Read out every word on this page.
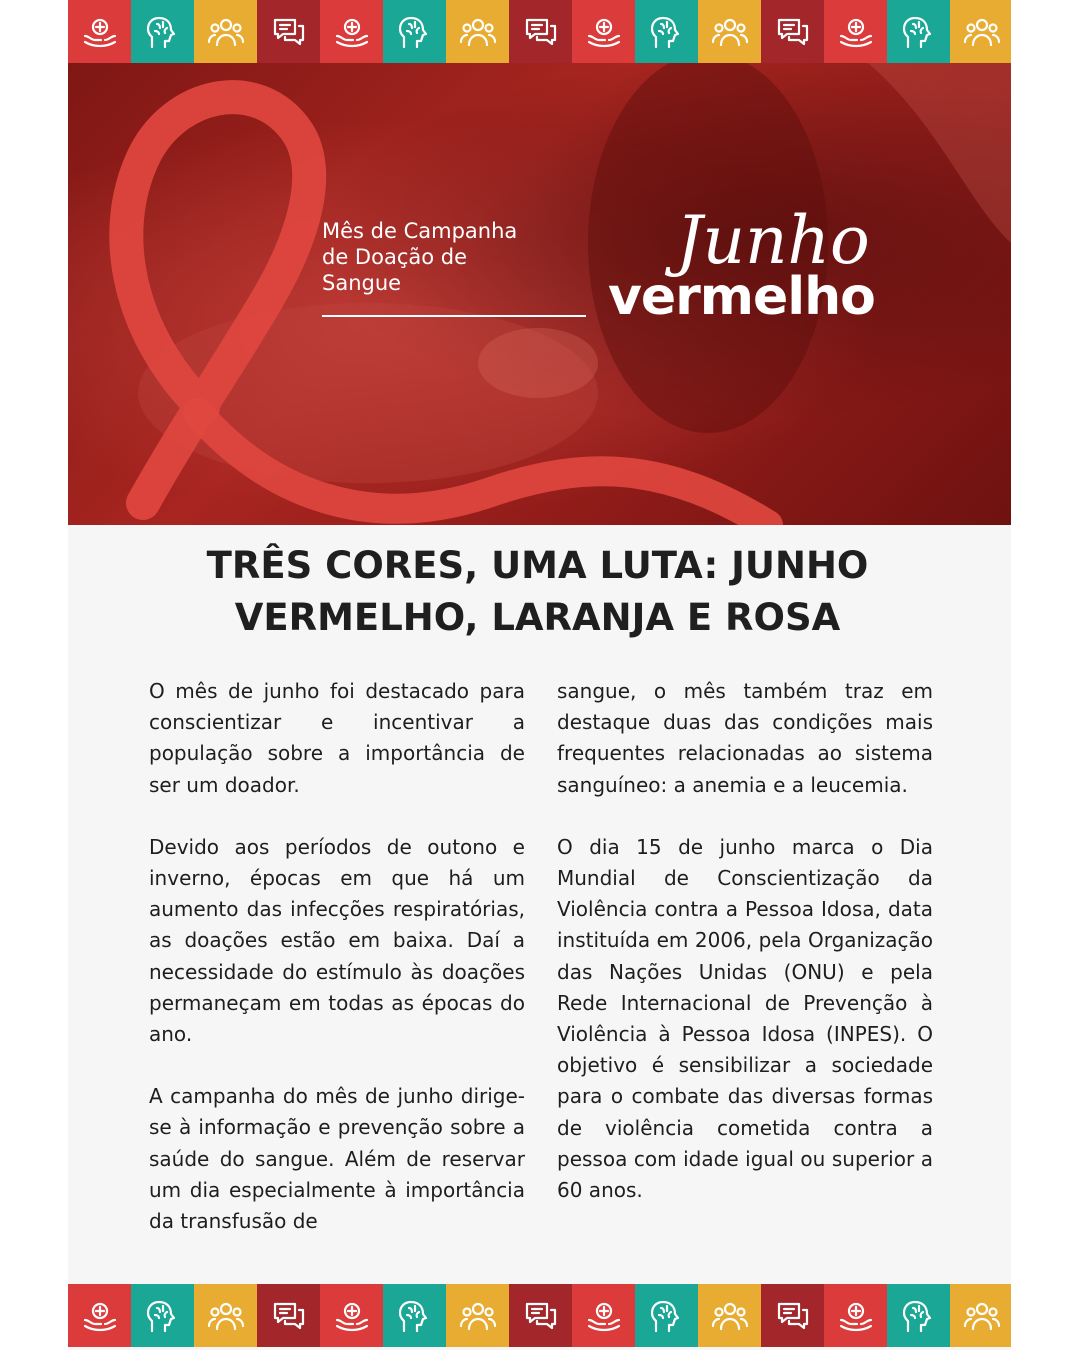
Mês de Campanha
de Doação de
Sangue
Junho
vermelho
TRÊS CORES, UMA LUTA: JUNHO VERMELHO, LARANJA E ROSA

O mês de junho foi destacado para conscientizar e incentivar a população sobre a importância de ser um doador.

Devido aos períodos de outono e inverno, épocas em que há um aumento das infecções respiratórias, as doações estão em baixa. Daí a necessidade do estímulo às doações permaneçam em todas as épocas do ano.

A campanha do mês de junho dirige-se à informação e prevenção sobre a saúde do sangue. Além de reservar um dia especialmente à importância da transfusão de

sangue, o mês também traz em destaque duas das condições mais frequentes relacionadas ao sistema sanguíneo: a anemia e a leucemia.

O dia 15 de junho marca o Dia Mundial de Conscientização da Violência contra a Pessoa Idosa, data instituída em 2006, pela Organização das Nações Unidas (ONU) e pela Rede Internacional de Prevenção à Violência à Pessoa Idosa (INPES). O objetivo é sensibilizar a sociedade para o combate das diversas formas de violência cometida contra a pessoa com idade igual ou superior a 60 anos.
